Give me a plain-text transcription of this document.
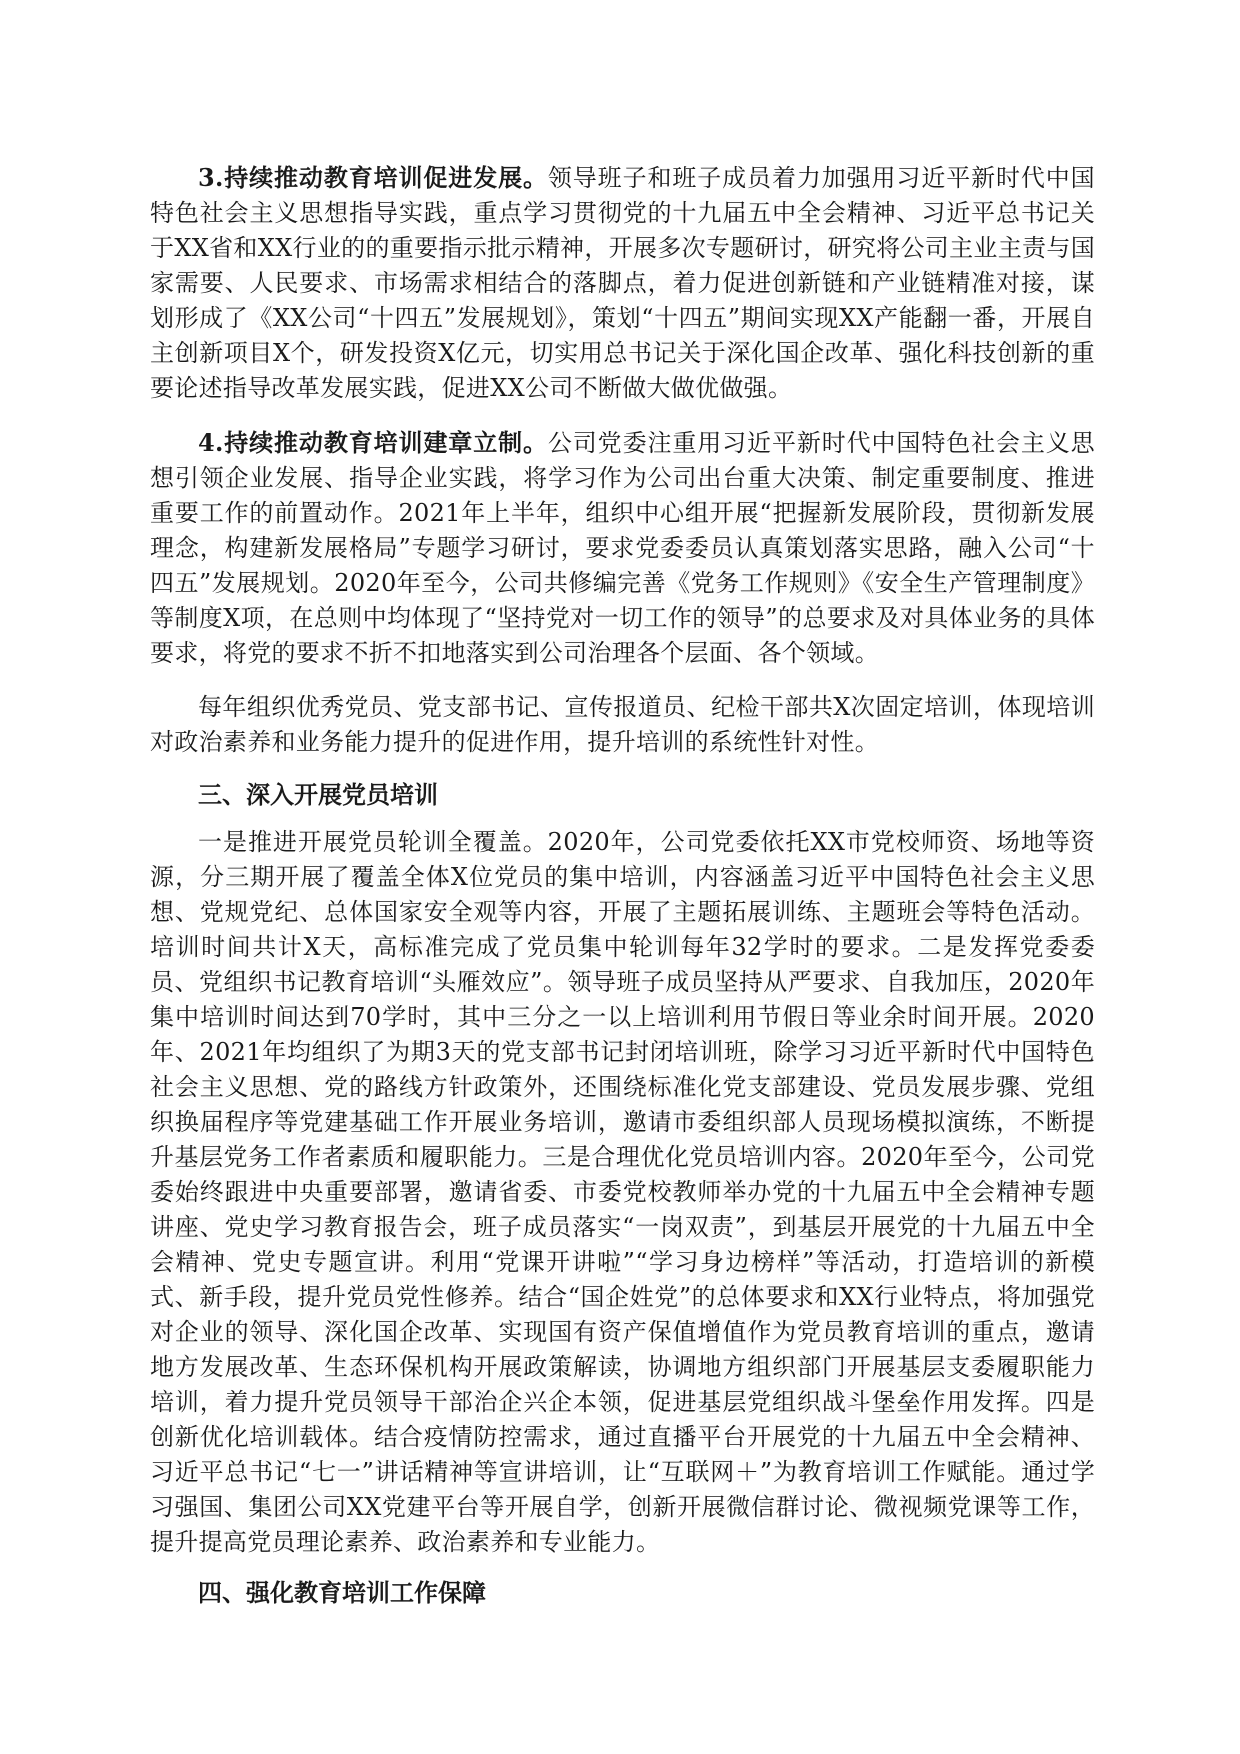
3.持续推动教育培训促进发展。领导班子和班子成员着力加强用习近平新时代中国特色社会主义思想指导实践，重点学习贯彻党的十九届五中全会精神、习近平总书记关于XX省和XX行业的的重要指示批示精神，开展多次专题研讨，研究将公司主业主责与国家需要、人民要求、市场需求相结合的落脚点，着力促进创新链和产业链精准对接，谋划形成了《XX公司“十四五”发展规划》，策划“十四五”期间实现XX产能翻一番，开展自主创新项目X个，研发投资X亿元，切实用总书记关于深化国企改革、强化科技创新的重要论述指导改革发展实践，促进XX公司不断做大做优做强。

4.持续推动教育培训建章立制。公司党委注重用习近平新时代中国特色社会主义思想引领企业发展、指导企业实践，将学习作为公司出台重大决策、制定重要制度、推进重要工作的前置动作。2021年上半年，组织中心组开展“把握新发展阶段，贯彻新发展理念，构建新发展格局”专题学习研讨，要求党委委员认真策划落实思路，融入公司“十四五”发展规划。2020年至今，公司共修编完善《党务工作规则》《安全生产管理制度》等制度X项，在总则中均体现了“坚持党对一切工作的领导”的总要求及对具体业务的具体要求，将党的要求不折不扣地落实到公司治理各个层面、各个领域。

每年组织优秀党员、党支部书记、宣传报道员、纪检干部共X次固定培训，体现培训对政治素养和业务能力提升的促进作用，提升培训的系统性针对性。

三、深入开展党员培训

一是推进开展党员轮训全覆盖。2020年，公司党委依托XX市党校师资、场地等资源，分三期开展了覆盖全体X位党员的集中培训，内容涵盖习近平中国特色社会主义思想、党规党纪、总体国家安全观等内容，开展了主题拓展训练、主题班会等特色活动。培训时间共计X天，高标准完成了党员集中轮训每年32学时的要求。二是发挥党委委员、党组织书记教育培训“头雁效应”。领导班子成员坚持从严要求、自我加压，2020年集中培训时间达到70学时，其中三分之一以上培训利用节假日等业余时间开展。2020年、2021年均组织了为期3天的党支部书记封闭培训班，除学习习近平新时代中国特色社会主义思想、党的路线方针政策外，还围绕标准化党支部建设、党员发展步骤、党组织换届程序等党建基础工作开展业务培训，邀请市委组织部人员现场模拟演练，不断提升基层党务工作者素质和履职能力。三是合理优化党员培训内容。2020年至今，公司党委始终跟进中央重要部署，邀请省委、市委党校教师举办党的十九届五中全会精神专题讲座、党史学习教育报告会，班子成员落实“一岗双责”，到基层开展党的十九届五中全会精神、党史专题宣讲。利用“党课开讲啦”“学习身边榜样”等活动，打造培训的新模式、新手段，提升党员党性修养。结合“国企姓党”的总体要求和XX行业特点，将加强党对企业的领导、深化国企改革、实现国有资产保值增值作为党员教育培训的重点，邀请地方发展改革、生态环保机构开展政策解读，协调地方组织部门开展基层支委履职能力培训，着力提升党员领导干部治企兴企本领，促进基层党组织战斗堡垒作用发挥。四是创新优化培训载体。结合疫情防控需求，通过直播平台开展党的十九届五中全会精神、习近平总书记“七一”讲话精神等宣讲培训，让“互联网＋”为教育培训工作赋能。通过学习强国、集团公司XX党建平台等开展自学，创新开展微信群讨论、微视频党课等工作，提升提高党员理论素养、政治素养和专业能力。

四、强化教育培训工作保障
